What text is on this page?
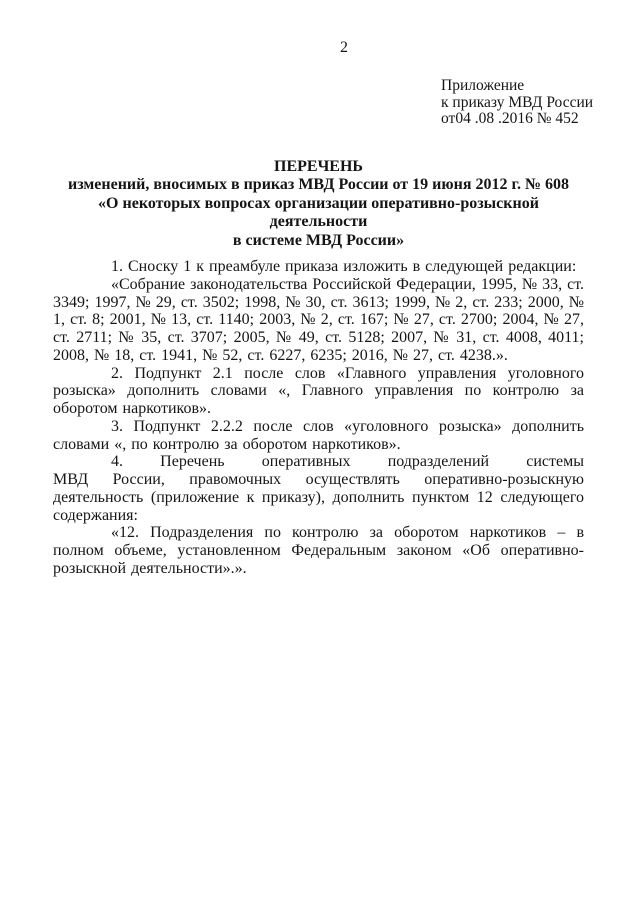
2
Приложение
к приказу МВД России
от04 .08 .2016 № 452
ПЕРЕЧЕНЬ
изменений, вносимых в приказ МВД России от 19 июня 2012 г. № 608
«О некоторых вопросах организации оперативно-розыскной деятельности
в системе МВД России»

1. Сноску 1 к преамбуле приказа изложить в следующей редакции:

«Собрание законодательства Российской Федерации, 1995, № 33, ст. 3349; 1997, № 29, ст. 3502; 1998, № 30, ст. 3613; 1999, № 2, ст. 233; 2000, № 1, ст. 8; 2001, № 13, ст. 1140; 2003, № 2, ст. 167; № 27, ст. 2700; 2004, № 27, ст. 2711; № 35, ст. 3707; 2005, № 49, ст. 5128; 2007, № 31, ст. 4008, 4011; 2008, № 18, ст. 1941, № 52, ст. 6227, 6235; 2016, № 27, ст. 4238.».

2. Подпункт 2.1 после слов «Главного управления уголовного розыска» дополнить словами «, Главного управления по контролю за оборотом наркотиков».

3. Подпункт 2.2.2 после слов «уголовного розыска» дополнить словами «, по контролю за оборотом наркотиков».

4. Перечень оперативных подразделений системы

МВД России, правомочных осуществлять оперативно-розыскную деятельность (приложение к приказу), дополнить пунктом 12 следующего содержания:

«12. Подразделения по контролю за оборотом наркотиков – в полном объеме, установленном Федеральным законом «Об оперативно-розыскной деятельности».».
